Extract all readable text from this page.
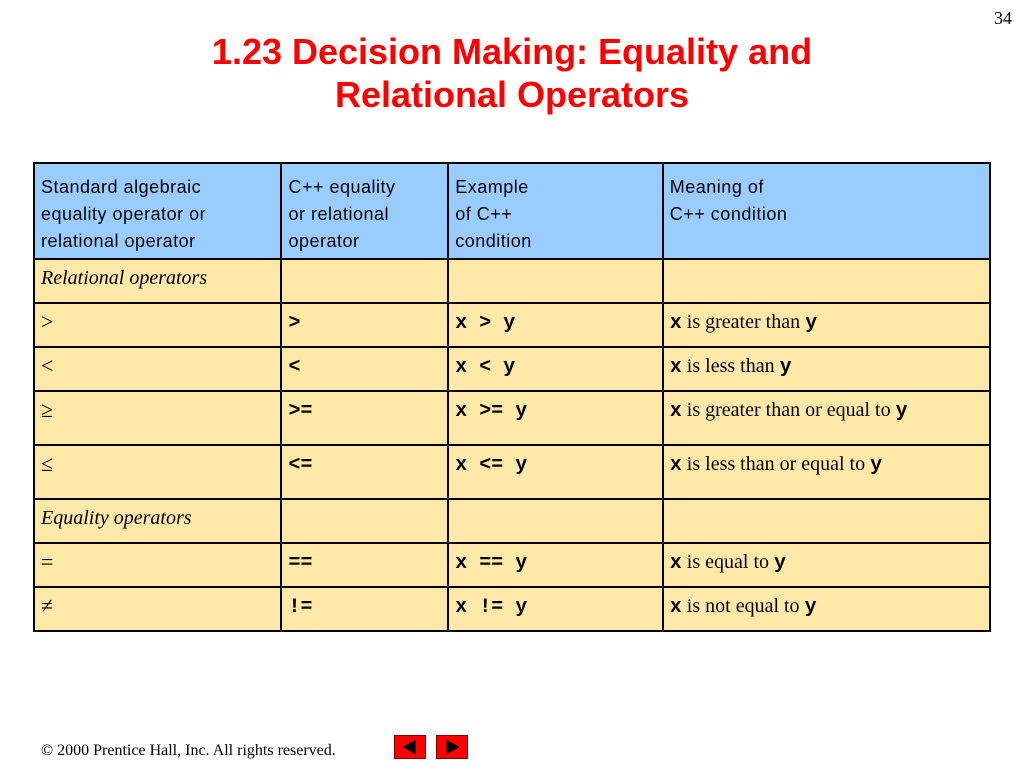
34
1.23 Decision Making: Equality and
Relational Operators
Standard algebraic
equality operator or
relational operator	C++ equality
or relational
operator	Example
of C++
condition	Meaning of
C++ condition

Relational operators			
>	>	x > y	x is greater than y
<	<	x < y	x is less than y
≥	>=	x >= y	x is greater than or equal to y
≤	<=	x <= y	x is less than or equal to y
Equality operators			
=	==	x == y	x is equal to y
≠	!=	x != y	x is not equal to y
© 2000 Prentice Hall, Inc. All rights reserved.
